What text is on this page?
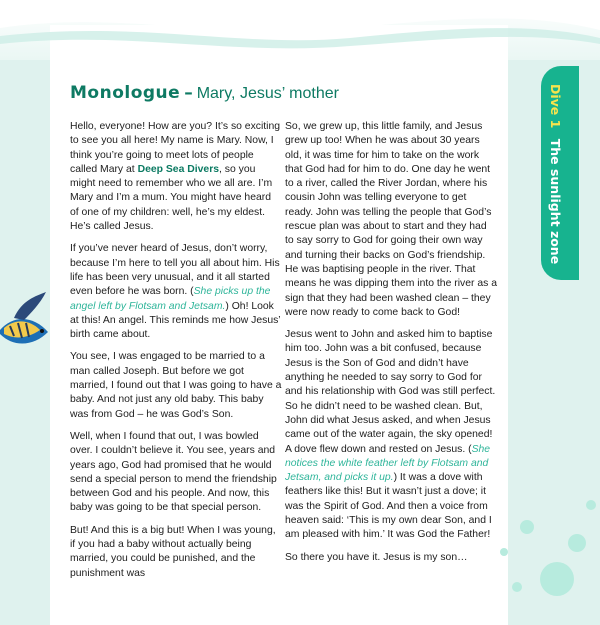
Monologue – Mary, Jesus’ mother

Hello, everyone! How are you? It’s so exciting to see you all here! My name is Mary. Now, I think you’re going to meet lots of people called Mary at Deep Sea Divers, so you might need to remember who we all are. I’m Mary and I’m a mum. You might have heard of one of my children: well, he’s my eldest. He’s called Jesus.

If you’ve never heard of Jesus, don’t worry, because I’m here to tell you all about him. His life has been very unusual, and it all started even before he was born. (She picks up the angel left by Flotsam and Jetsam.) Oh! Look at this! An angel. This reminds me how Jesus’ birth came about.

You see, I was engaged to be married to a man called Joseph. But before we got married, I found out that I was going to have a baby. And not just any old baby. This baby was from God – he was God’s Son.

Well, when I found that out, I was bowled over. I couldn’t believe it. You see, years and years ago, God had promised that he would send a special person to mend the friendship between God and his people. And now, this baby was going to be that special person.

But! And this is a big but! When I was young, if you had a baby without actually being married, you could be punished, and the punishment was

So, we grew up, this little family, and Jesus grew up too! When he was about 30 years old, it was time for him to take on the work that God had for him to do. One day he went to a river, called the River Jordan, where his cousin John was telling everyone to get ready. John was telling the people that God’s rescue plan was about to start and they had to say sorry to God for going their own way and turning their backs on God’s friendship. He was baptising people in the river. That means he was dipping them into the river as a sign that they had been washed clean – they were now ready to come back to God!

Jesus went to John and asked him to baptise him too. John was a bit confused, because Jesus is the Son of God and didn’t have anything he needed to say sorry to God for and his relationship with God was still perfect. So he didn’t need to be washed clean. But, John did what Jesus asked, and when Jesus came out of the water again, the sky opened! A dove flew down and rested on Jesus. (She notices the white feather left by Flotsam and Jetsam, and picks it up.) It was a dove with feathers like this! But it wasn’t just a dove; it was the Spirit of God. And then a voice from heaven said: ‘This is my own dear Son, and I am pleased with him.’ It was God the Father!

So there you have it. Jesus is my son…

Dive 1 The sunlight zone
